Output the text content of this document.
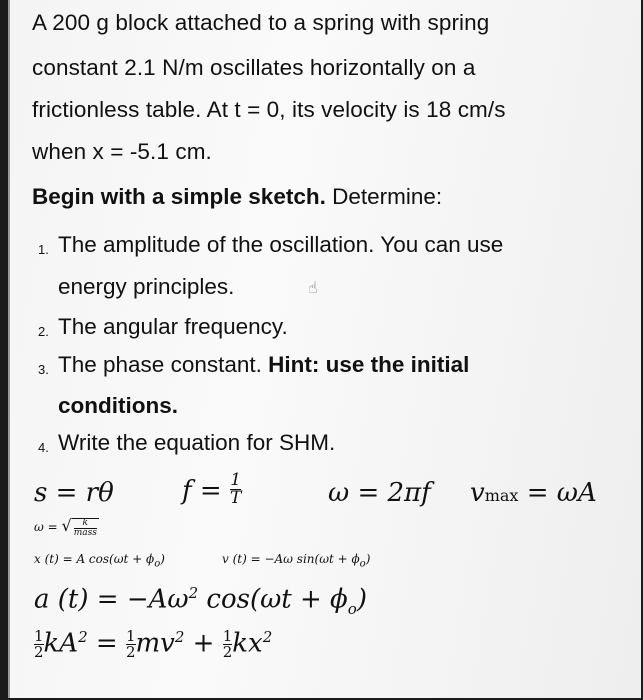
A 200 g block attached to a spring with spring
constant 2.1 N/m oscillates horizontally on a
frictionless table. At t = 0, its velocity is 18 cm/s
when x = -5.1 cm.
Begin with a simple sketch. Determine:
1. The amplitude of the oscillation. You can use
energy principles.	☝
2. The angular frequency.
3. The phase constant. Hint: use the initial
conditions.
4. Write the equation for SHM.
s = rθ	$f = \frac{1}{T}$	ω = 2πf vmax = ωA
ω = √ $\frac{k}{\text{mass}}$
x (t) = A $\cos(\omega t + \phi_o)$	v (t) = −Aω $\sin(\omega t + \phi_o)$
a $(t) = -A\omega^2$ $\cos(\omega t + \phi_o)$
$\frac{1}{2} kA^2 = \frac{1}{2} mv^2 + \frac{1}{2} kx^2$
